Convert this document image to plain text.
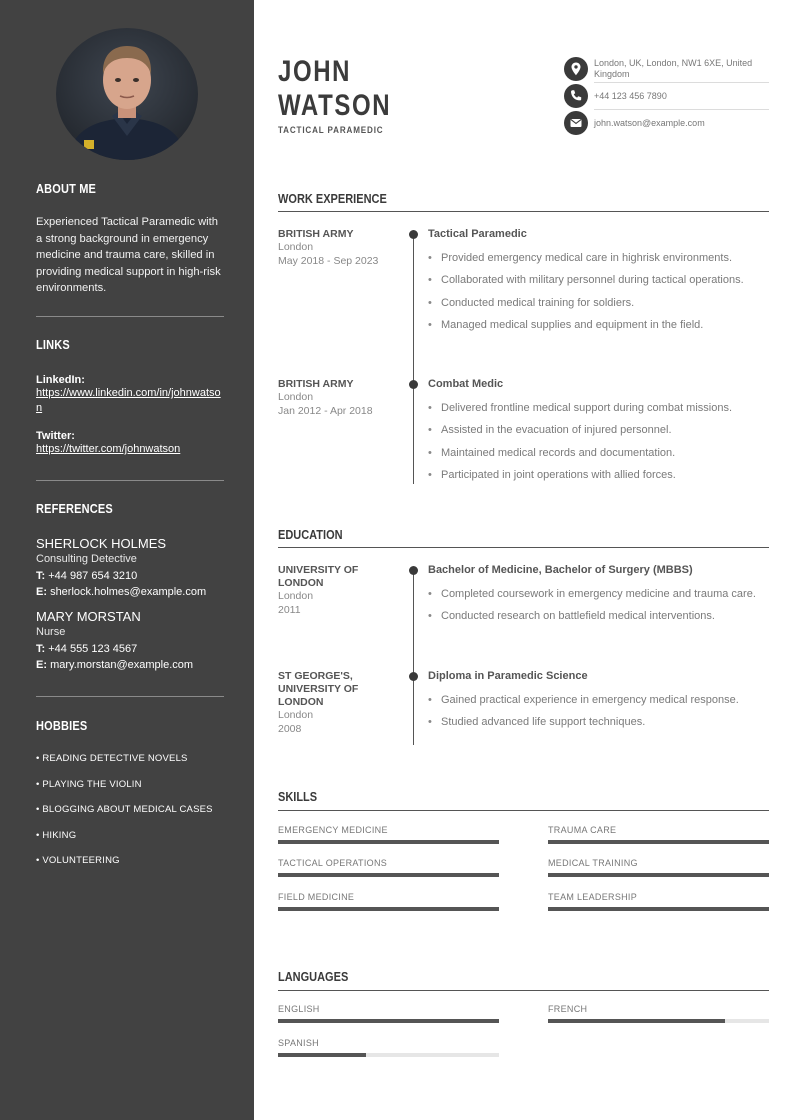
ABOUT ME
Experienced Tactical Paramedic with a strong background in emergency medicine and trauma care, skilled in providing medical support in high-risk environments.
LINKS
LinkedIn:
https://www.linkedin.com/in/johnwatson
Twitter:
https://twitter.com/johnwatson
REFERENCES
SHERLOCK HOLMES
Consulting Detective
T: +44 987 654 3210
E: sherlock.holmes@example.com
MARY MORSTAN
Nurse
T: +44 555 123 4567
E: mary.morstan@example.com
HOBBIES
• READING DETECTIVE NOVELS
• PLAYING THE VIOLIN
• BLOGGING ABOUT MEDICAL CASES
• HIKING
• VOLUNTEERING
JOHN
WATSON
TACTICAL PARAMEDIC
London, UK, London, NW1 6XE, United Kingdom
+44 123 456 7890
john.watson@example.com
WORK EXPERIENCE
BRITISH ARMY
London
May 2018 - Sep 2023
Tactical Paramedic
• Provided emergency medical care in highrisk environments.
• Collaborated with military personnel during tactical operations.
• Conducted medical training for soldiers.
• Managed medical supplies and equipment in the field.
BRITISH ARMY
London
Jan 2012 - Apr 2018
Combat Medic
• Delivered frontline medical support during combat missions.
• Assisted in the evacuation of injured personnel.
• Maintained medical records and documentation.
• Participated in joint operations with allied forces.
EDUCATION
UNIVERSITY OF LONDON
London
2011
Bachelor of Medicine, Bachelor of Surgery (MBBS)
• Completed coursework in emergency medicine and trauma care.
• Conducted research on battlefield medical interventions.
ST GEORGE'S, UNIVERSITY OF LONDON
London
2008
Diploma in Paramedic Science
• Gained practical experience in emergency medical response.
• Studied advanced life support techniques.
SKILLS
EMERGENCY MEDICINE	TRAUMA CARE
TACTICAL OPERATIONS	MEDICAL TRAINING
FIELD MEDICINE	TEAM LEADERSHIP
LANGUAGES
ENGLISH	FRENCH
SPANISH
